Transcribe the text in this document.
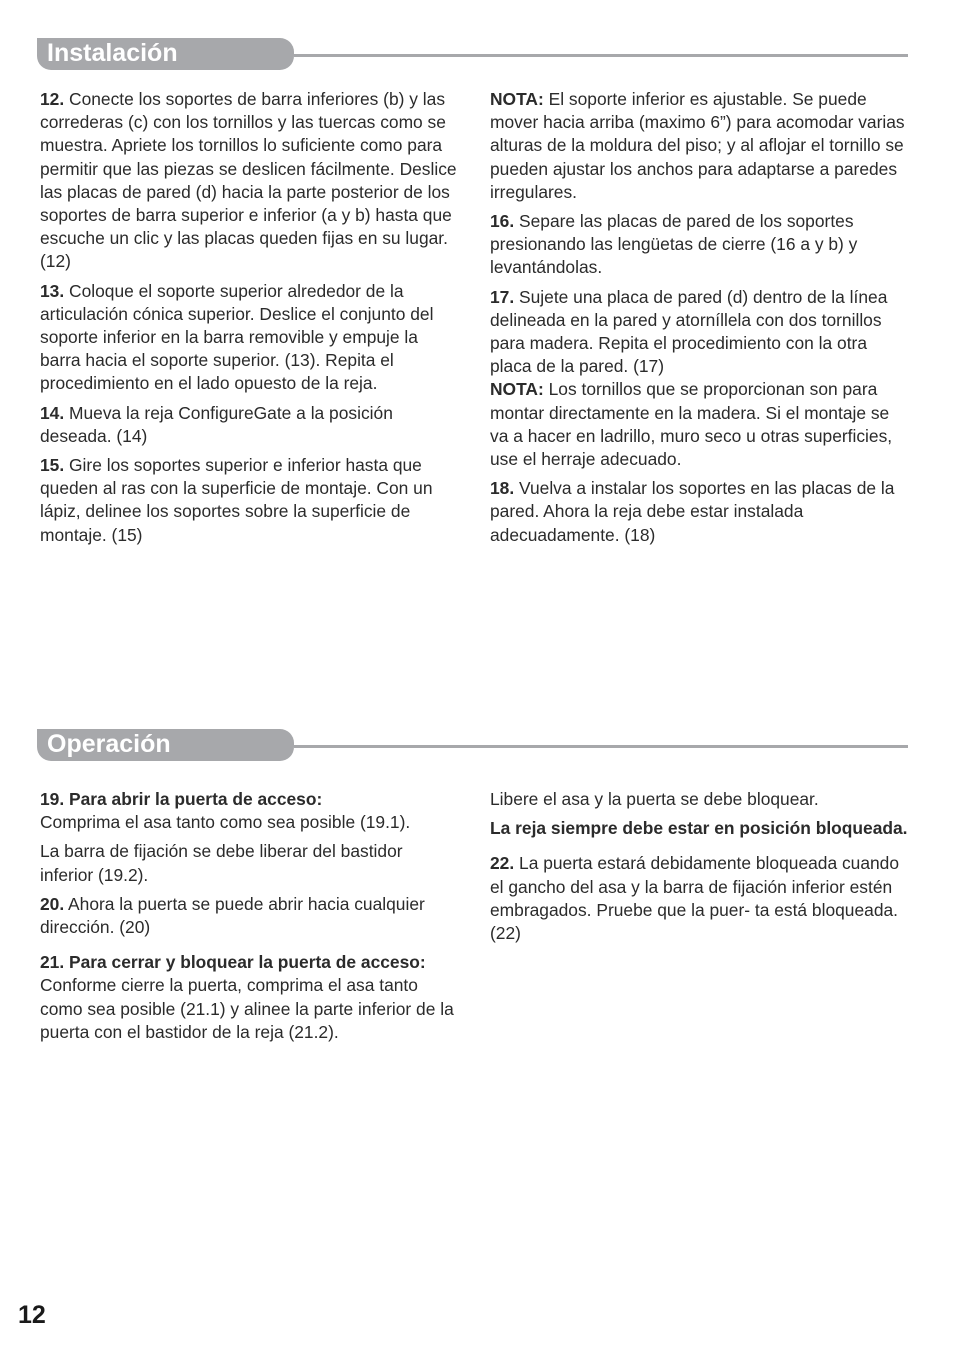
Instalación

12. Conecte los soportes de barra inferiores (b) y las correderas (c) con los tornillos y las tuercas como se muestra. Apriete los tornillos lo suficiente como para permitir que las piezas se deslicen fácilmente. Deslice las placas de pared (d) hacia la parte posterior de los soportes de barra superior e inferior (a y b) hasta que escuche un clic y las placas queden fijas en su lugar. (12)

13. Coloque el soporte superior alrededor de la articulación cónica superior. Deslice el conjunto del soporte inferior en la barra removible y empuje la barra hacia el soporte superior. (13). Repita el procedimiento en el lado opuesto de la reja.

14. Mueva la reja ConfigureGate a la posición deseada. (14)

15. Gire los soportes superior e inferior hasta que queden al ras con la superficie de montaje. Con un lápiz, delinee los soportes sobre la superficie de montaje. (15)

NOTA: El soporte inferior es ajustable. Se puede mover hacia arriba (maximo 6”) para acomodar varias alturas de la moldura del piso; y al aflojar el tornillo se pueden ajustar los anchos para adaptarse a paredes irregulares.

16. Separe las placas de pared de los soportes presionando las lengüetas de cierre (16 a y b) y levantándolas.

17. Sujete una placa de pared (d) dentro de la línea delineada en la pared y atorníllela con dos tornillos para madera. Repita el procedimiento con la otra placa de la pared. (17)

NOTA: Los tornillos que se proporcionan son para montar directamente en la madera. Si el montaje se va a hacer en ladrillo, muro seco u otras superficies, use el herraje adecuado.

18. Vuelva a instalar los soportes en las placas de la pared. Ahora la reja debe estar instalada adecuadamente. (18)

Operación

19. Para abrir la puerta de acceso:

Comprima el asa tanto como sea posible (19.1).

La barra de fijación se debe liberar del bastidor inferior (19.2).

20. Ahora la puerta se puede abrir hacia cualquier dirección. (20)

21. Para cerrar y bloquear la puerta de acceso:

Conforme cierre la puerta, comprima el asa tanto como sea posible (21.1) y alinee la parte inferior de la puerta con el bastidor de la reja (21.2).

Libere el asa y la puerta se debe bloquear.

La reja siempre debe estar en posición bloqueada.

22. La puerta estará debidamente bloqueada cuando el gancho del asa y la barra de fijación inferior estén embragados. Pruebe que la puer- ta está bloqueada. (22)

12
